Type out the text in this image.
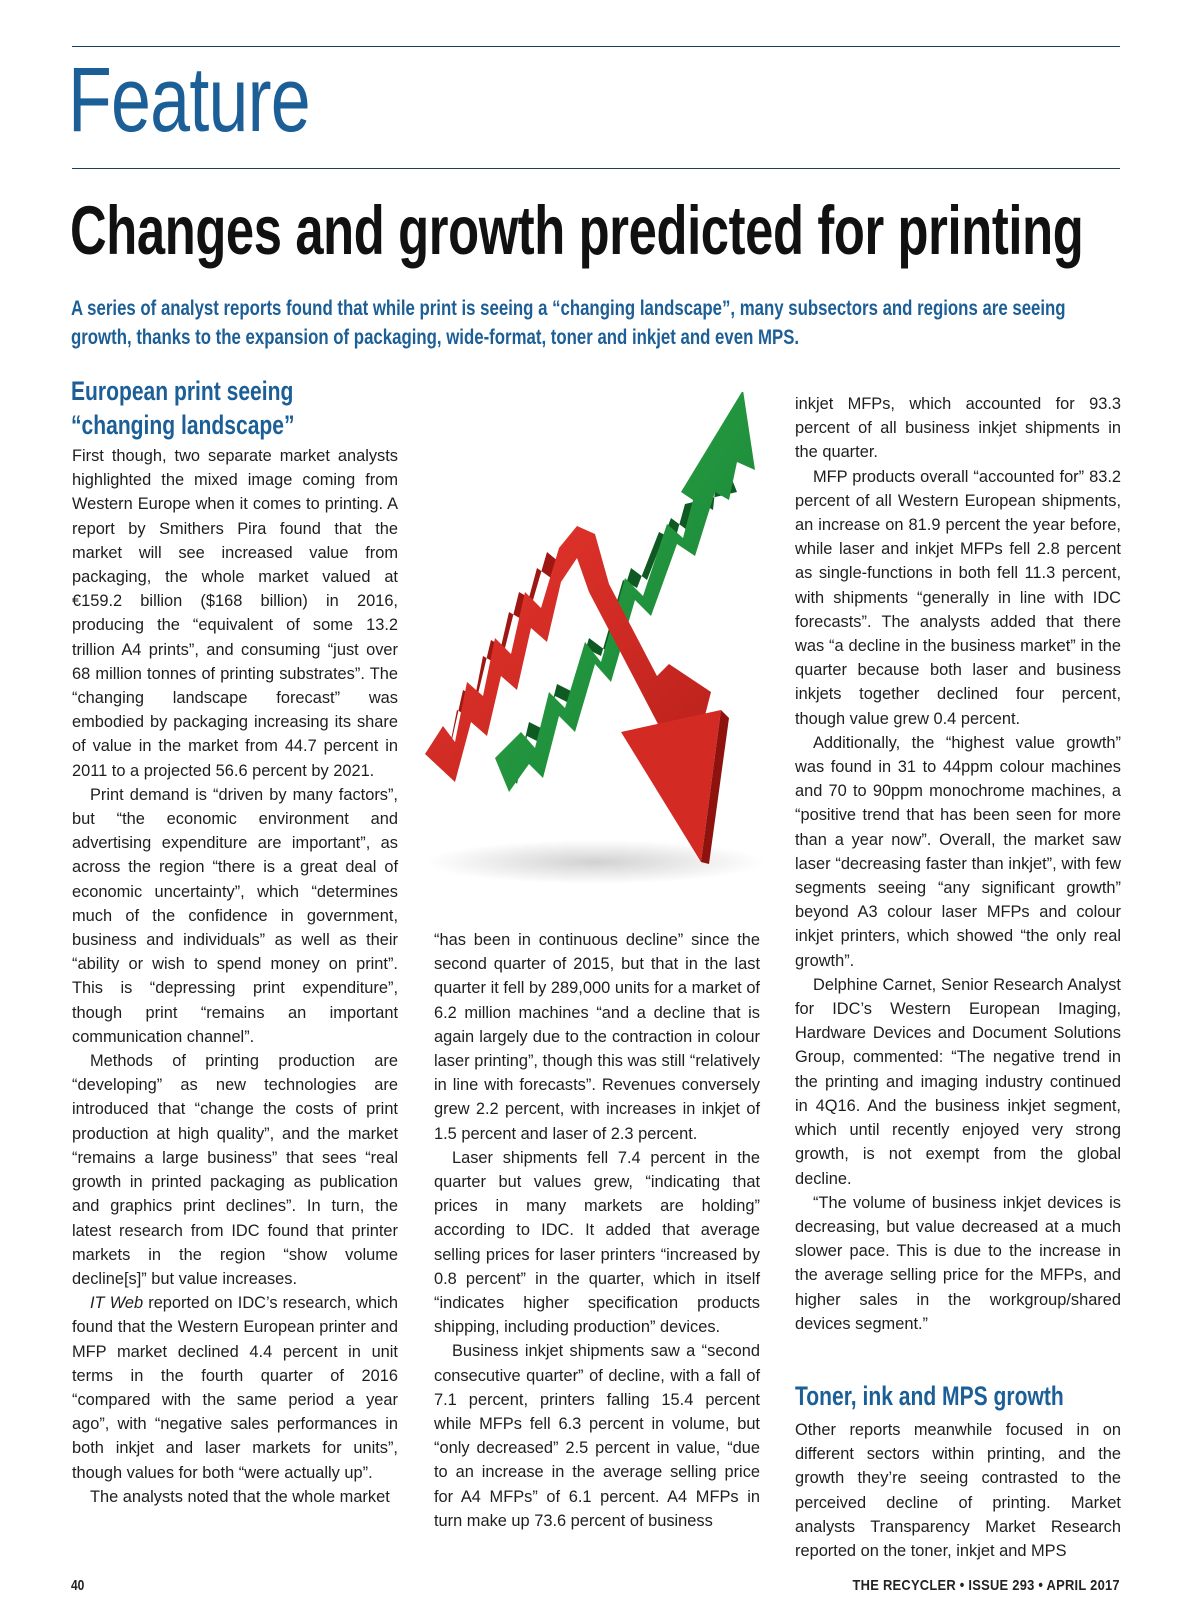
Feature
Changes and growth predicted for printing

A series of analyst reports found that while print is seeing a “changing landscape”, many subsectors and regions are seeing growth, thanks to the expansion of packaging, wide-format, toner and inkjet and even MPS.

European print seeing “changing landscape”

First though, two separate market analysts highlighted the mixed image coming from Western Europe when it comes to printing. A report by Smithers Pira found that the market will see increased value from packaging, the whole market valued at €159.2 billion ($168 billion) in 2016, producing the “equivalent of some 13.2 trillion A4 prints”, and consuming “just over 68 million tonnes of printing substrates”. The “changing landscape forecast” was embodied by packaging increasing its share of value in the market from 44.7 percent in 2011 to a projected 56.6 percent by 2021.

Print demand is “driven by many factors”, but “the economic environment and advertising expenditure are important”, as across the region “there is a great deal of economic uncertainty”, which “determines much of the confidence in government, business and individuals” as well as their “ability or wish to spend money on print”. This is “depressing print expenditure”, though print “remains an important communication channel”.

Methods of printing production are “developing” as new technologies are introduced that “change the costs of print production at high quality”, and the market “remains a large business” that sees “real growth in printed packaging as publication and graphics print declines”. In turn, the latest research from IDC found that printer markets in the region “show volume decline[s]” but value increases.

IT Web reported on IDC’s research, which found that the Western European printer and MFP market declined 4.4 percent in unit terms in the fourth quarter of 2016 “compared with the same period a year ago”, with “negative sales performances in both inkjet and laser markets for units”, though values for both “were actually up”.

The analysts noted that the whole market

“has been in continuous decline” since the second quarter of 2015, but that in the last quarter it fell by 289,000 units for a market of 6.2 million machines “and a decline that is again largely due to the contraction in colour laser printing”, though this was still “relatively in line with forecasts”. Revenues conversely grew 2.2 percent, with increases in inkjet of 1.5 percent and laser of 2.3 percent.

Laser shipments fell 7.4 percent in the quarter but values grew, “indicating that prices in many markets are holding” according to IDC. It added that average selling prices for laser printers “increased by 0.8 percent” in the quarter, which in itself “indicates higher specification products shipping, including production” devices.

Business inkjet shipments saw a “second consecutive quarter” of decline, with a fall of 7.1 percent, printers falling 15.4 percent while MFPs fell 6.3 percent in volume, but “only decreased” 2.5 percent in value, “due to an increase in the average selling price for A4 MFPs” of 6.1 percent. A4 MFPs in turn make up 73.6 percent of business

inkjet MFPs, which accounted for 93.3 percent of all business inkjet shipments in the quarter.

MFP products overall “accounted for” 83.2 percent of all Western European shipments, an increase on 81.9 percent the year before, while laser and inkjet MFPs fell 2.8 percent as single-functions in both fell 11.3 percent, with shipments “generally in line with IDC forecasts”. The analysts added that there was “a decline in the business market” in the quarter because both laser and business inkjets together declined four percent, though value grew 0.4 percent.

Additionally, the “highest value growth” was found in 31 to 44ppm colour machines and 70 to 90ppm monochrome machines, a “positive trend that has been seen for more than a year now”. Overall, the market saw laser “decreasing faster than inkjet”, with few segments seeing “any significant growth” beyond A3 colour laser MFPs and colour inkjet printers, which showed “the only real growth”.

Delphine Carnet, Senior Research Analyst for IDC’s Western European Imaging, Hardware Devices and Document Solutions Group, commented: “The negative trend in the printing and imaging industry continued in 4Q16. And the business inkjet segment, which until recently enjoyed very strong growth, is not exempt from the global decline.

“The volume of business inkjet devices is decreasing, but value decreased at a much slower pace. This is due to the increase in the average selling price for the MFPs, and higher sales in the workgroup/shared devices segment.”

Toner, ink and MPS growth

Other reports meanwhile focused in on different sectors within printing, and the growth they’re seeing contrasted to the perceived decline of printing. Market analysts Transparency Market Research reported on the toner, inkjet and MPS

40	THE RECYCLER • ISSUE 293 • APRIL 2017
